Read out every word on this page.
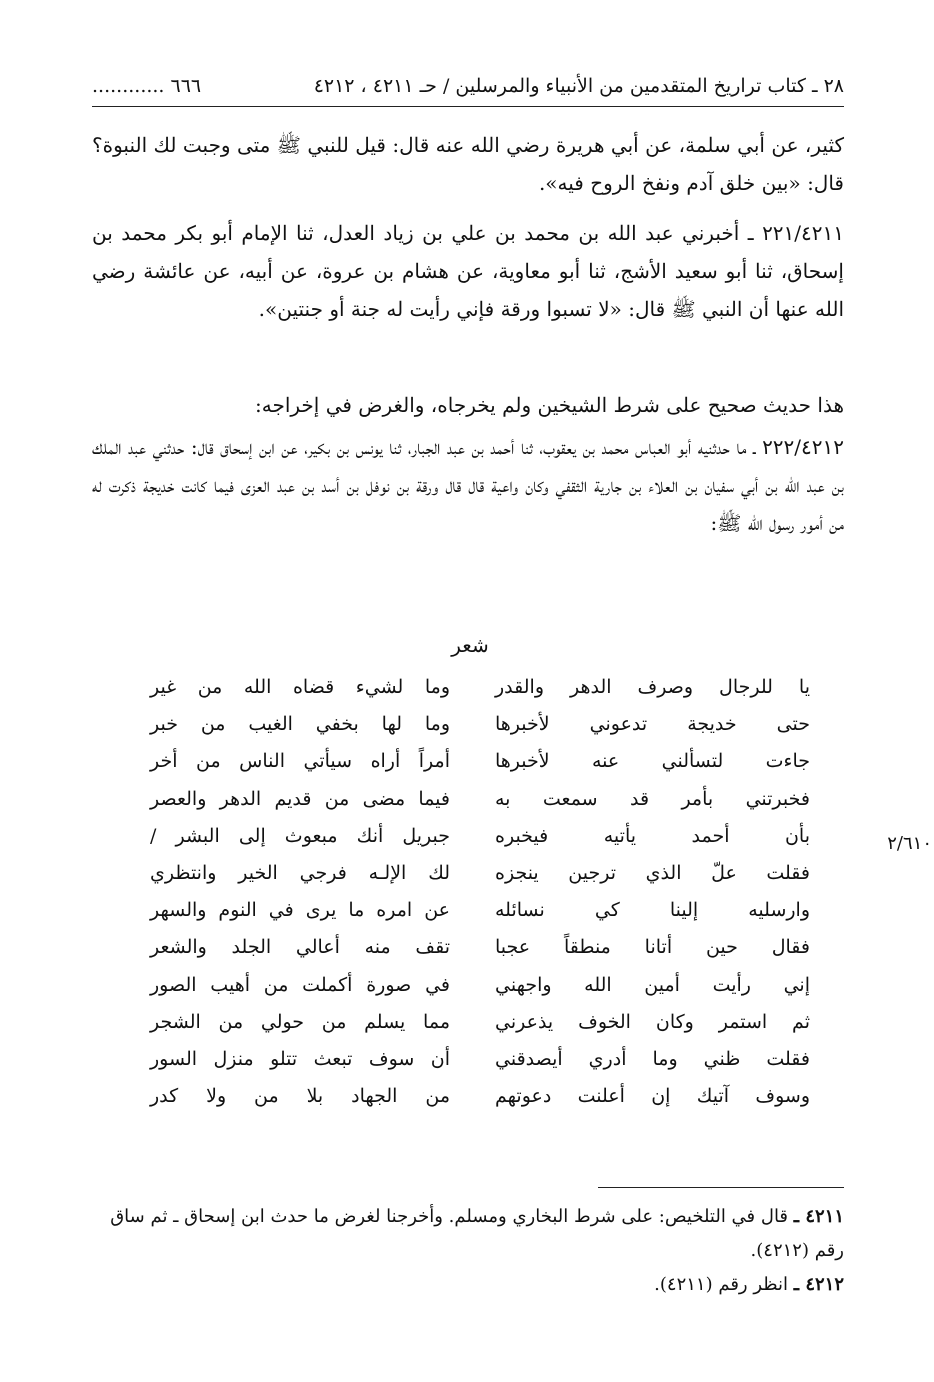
٢٨ ـ كتاب تراريخ المتقدمين من الأنبياء والمرسلين / حـ ٤٢١١ ، ٤٢١٢
٦٦٦ ............

كثير، عن أبي سلمة، عن أبي هريرة رضي الله عنه قال: قيل للنبي ﷺ متى وجبت لك النبوة؟ قال: «بين خلق آدم ونفخ الروح فيه».

٢٢١/٤٢١١ ـ أخبرني عبد الله بن محمد بن علي بن زياد العدل، ثنا الإمام أبو بكر محمد بن إسحاق، ثنا أبو سعيد الأشج، ثنا أبو معاوية، عن هشام بن عروة، عن أبيه، عن عائشة رضي الله عنها أن النبي ﷺ قال: «لا تسبوا ورقة فإني رأيت له جنة أو جنتين».

هذا حديث صحيح على شرط الشيخين ولم يخرجاه، والغرض في إخراجه:

٢٢٢/٤٢١٢ ـ ما حدثنيه أبو العباس محمد بن يعقوب، ثنا أحمد بن عبد الجبار، ثنا يونس بن بكير، عن ابن إسحاق قال: حدثني عبد الملك بن عبد الله بن أبي سفيان بن العلاء بن جارية الثقفي وكان واعية قال قال ورقة بن نوفل بن أسد بن عبد العزى فيما كانت خديجة ذكرت له من أمور رسول الله ﷺ:

شعر
يا للرجال وصرف الدهر والقدر
وما لشيء قضاه الله من غير
حتى خديجة تدعوني لأخبرها
وما لها بخفي الغيب من خبر
جاءت لتسألني عنه لأخبرها
أمراً أراه سيأتي الناس من أخر
فخبرتني بأمر قد سمعت به
فيما مضى من قديم الدهر والعصر
بأن أحمد يأتيه فيخبره
جبريل أنك مبعوث إلى البشر /
فقلت علّ الذي ترجين ينجزه
لك الإلـه فرجي الخير وانتظري
وارسليه إلينا كي نسائله
عن امره ما يرى في النوم والسهر
فقال حين أتانا منطقاً عجبا
تقف منه أعالي الجلد والشعر
إني رأيت أمين الله واجهني
في صورة أكملت من أهيب الصور
ثم استمر وكان الخوف يذعرني
مما يسلم من حولي من الشجر
فقلت ظني وما أدري أيصدقني
أن سوف تبعث تتلو منزل السور
وسوف آتيك إن أعلنت دعوتهم
من الجهاد بلا من ولا كدر
٢/٦١٠

٤٢١١ ـ قال في التلخيص: على شرط البخاري ومسلم. وأخرجنا لغرض ما حدث ابن إسحاق ـ ثم ساق رقم (٤٢١٢).

٤٢١٢ ـ انظر رقم (٤٢١١).
